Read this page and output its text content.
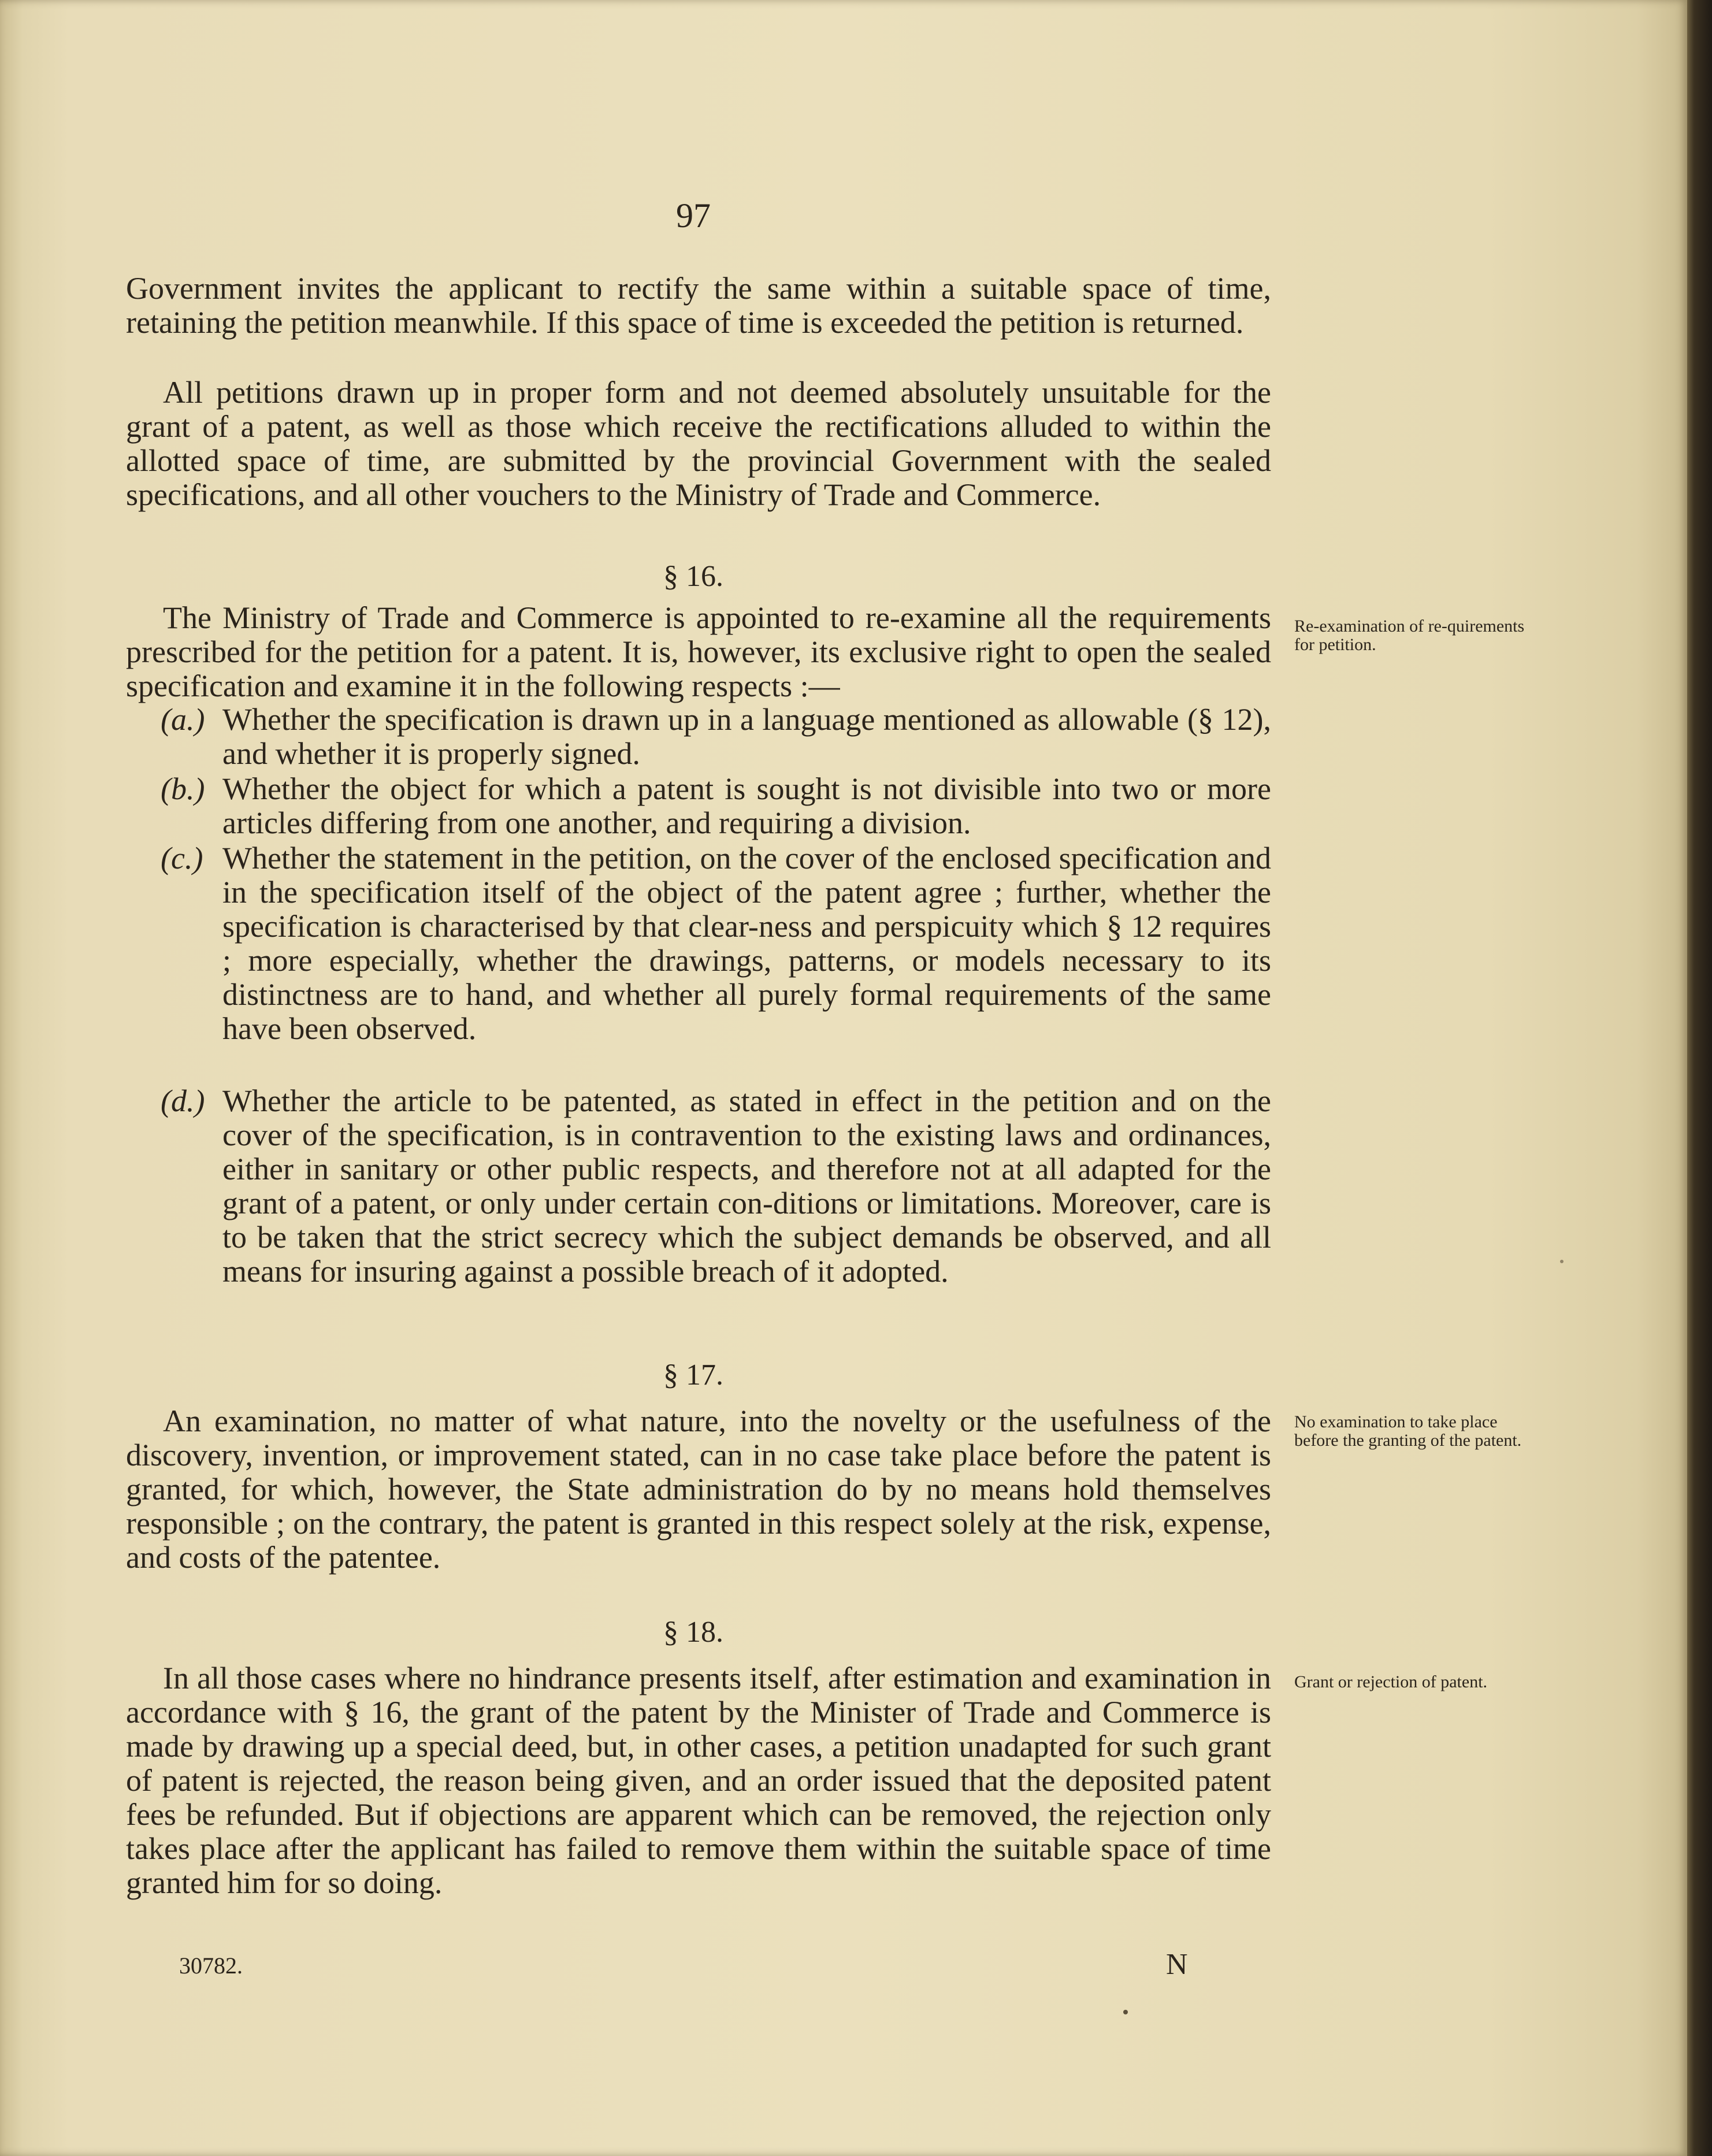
97

Government invites the applicant to rectify the same within a suitable space of time, retaining the petition meanwhile. If this space of time is exceeded the petition is returned.

All petitions drawn up in proper form and not deemed absolutely unsuitable for the grant of a patent, as well as those which receive the rectifications alluded to within the allotted space of time, are submitted by the provincial Government with the sealed specifications, and all other vouchers to the Ministry of Trade and Commerce.

§ 16.

Re-examination of re-quirements for petition.

The Ministry of Trade and Commerce is appointed to re-examine all the requirements prescribed for the petition for a patent. It is, however, its exclusive right to open the sealed specification and examine it in the following respects :—

(a.) Whether the specification is drawn up in a language mentioned as allowable (§ 12), and whether it is properly signed.

(b.) Whether the object for which a patent is sought is not divisible into two or more articles differing from one another, and requiring a division.

(c.) Whether the statement in the petition, on the cover of the enclosed specification and in the specification itself of the object of the patent agree ; further, whether the specification is characterised by that clear-ness and perspicuity which § 12 requires ; more especially, whether the drawings, patterns, or models necessary to its distinctness are to hand, and whether all purely formal requirements of the same have been observed.

(d.) Whether the article to be patented, as stated in effect in the petition and on the cover of the specification, is in contravention to the existing laws and ordinances, either in sanitary or other public respects, and therefore not at all adapted for the grant of a patent, or only under certain con-ditions or limitations. Moreover, care is to be taken that the strict secrecy which the subject demands be observed, and all means for insuring against a possible breach of it adopted.

§ 17.

No examination to take place before the granting of the patent.

An examination, no matter of what nature, into the novelty or the usefulness of the discovery, invention, or improvement stated, can in no case take place before the patent is granted, for which, however, the State administration do by no means hold themselves responsible ; on the contrary, the patent is granted in this respect solely at the risk, expense, and costs of the patentee.

§ 18.

Grant or rejection of patent.

In all those cases where no hindrance presents itself, after estimation and examination in accordance with § 16, the grant of the patent by the Minister of Trade and Commerce is made by drawing up a special deed, but, in other cases, a petition unadapted for such grant of patent is rejected, the reason being given, and an order issued that the deposited patent fees be refunded. But if objections are apparent which can be removed, the rejection only takes place after the applicant has failed to remove them within the suitable space of time granted him for so doing.

30782.	N
